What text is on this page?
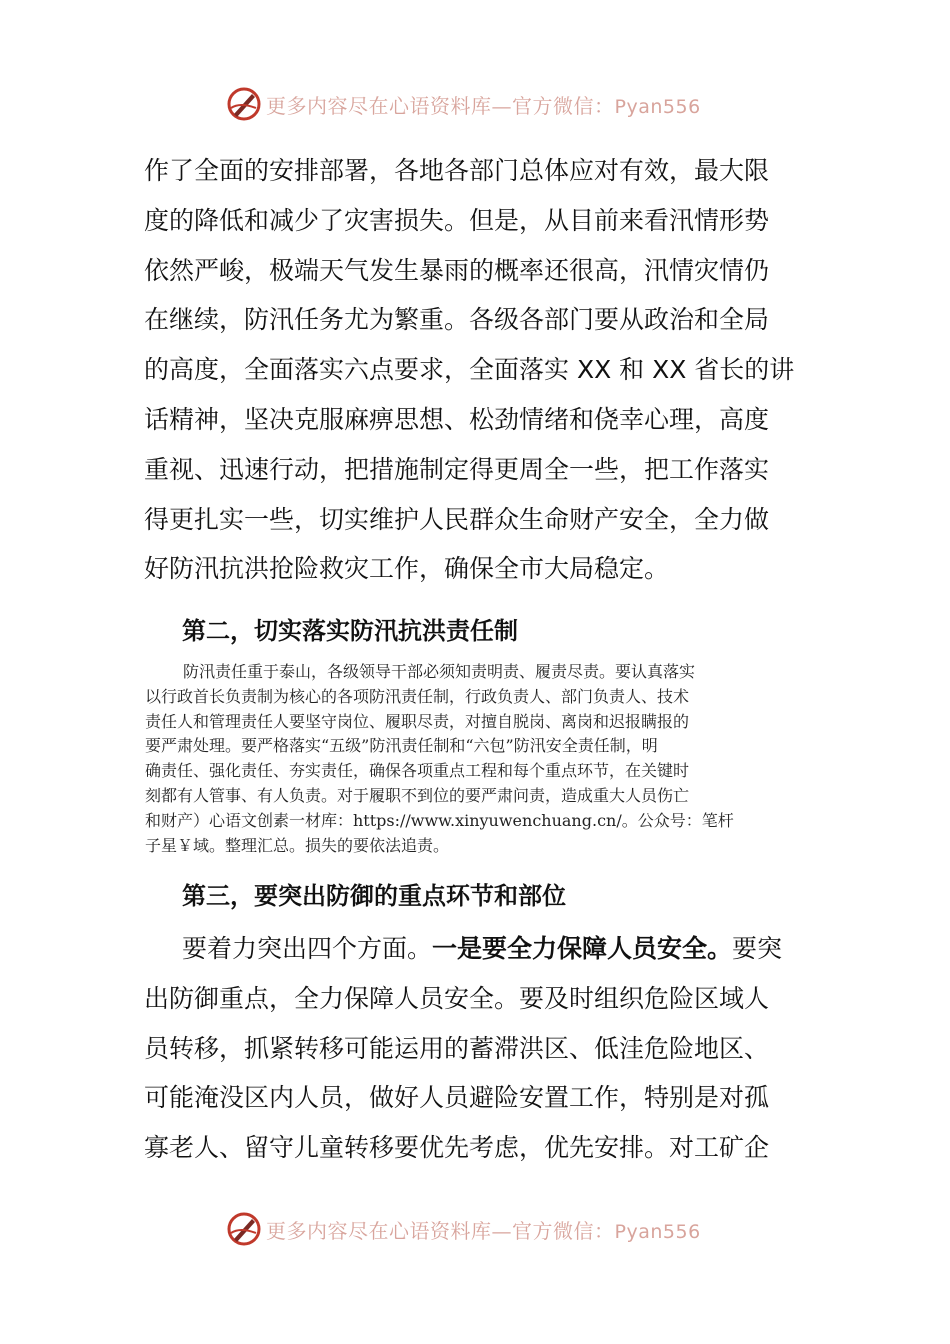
更多内容尽在心语资料库—官方微信：Pyan556
作了全面的安排部署，各地各部门总体应对有效，最大限
度的降低和减少了灾害损失。但是，从目前来看汛情形势
依然严峻，极端天气发生暴雨的概率还很高，汛情灾情仍
在继续，防汛任务尤为繁重。各级各部门要从政治和全局
的高度，全面落实六点要求，全面落实 XX 和 XX 省长的讲
话精神，坚决克服麻痹思想、松劲情绪和侥幸心理，高度
重视、迅速行动，把措施制定得更周全一些，把工作落实
得更扎实一些，切实维护人民群众生命财产安全，全力做
好防汛抗洪抢险救灾工作，确保全市大局稳定。
第二，切实落实防汛抗洪责任制
防汛责任重于泰山，各级领导干部必须知责明责、履责尽责。要认真落实
以行政首长负责制为核心的各项防汛责任制，行政负责人、部门负责人、技术
责任人和管理责任人要坚守岗位、履职尽责，对擅自脱岗、离岗和迟报瞒报的
要严肃处理。要严格落实“五级”防汛责任制和“六包”防汛安全责任制，明
确责任、强化责任、夯实责任，确保各项重点工程和每个重点环节，在关键时
刻都有人管事、有人负责。对于履职不到位的要严肃问责，造成重大人员伤亡
和财产）心语文创素一材库：https://www.xinyuwenchuang.cn/。公众号：笔杆
子星￥域。整理汇总。损失的要依法追责。
第三，要突出防御的重点环节和部位
要着力突出四个方面。一是要全力保障人员安全。要突
出防御重点，全力保障人员安全。要及时组织危险区域人
员转移，抓紧转移可能运用的蓄滞洪区、低洼危险地区、
可能淹没区内人员，做好人员避险安置工作，特别是对孤
寡老人、留守儿童转移要优先考虑，优先安排。对工矿企
更多内容尽在心语资料库—官方微信：Pyan556
